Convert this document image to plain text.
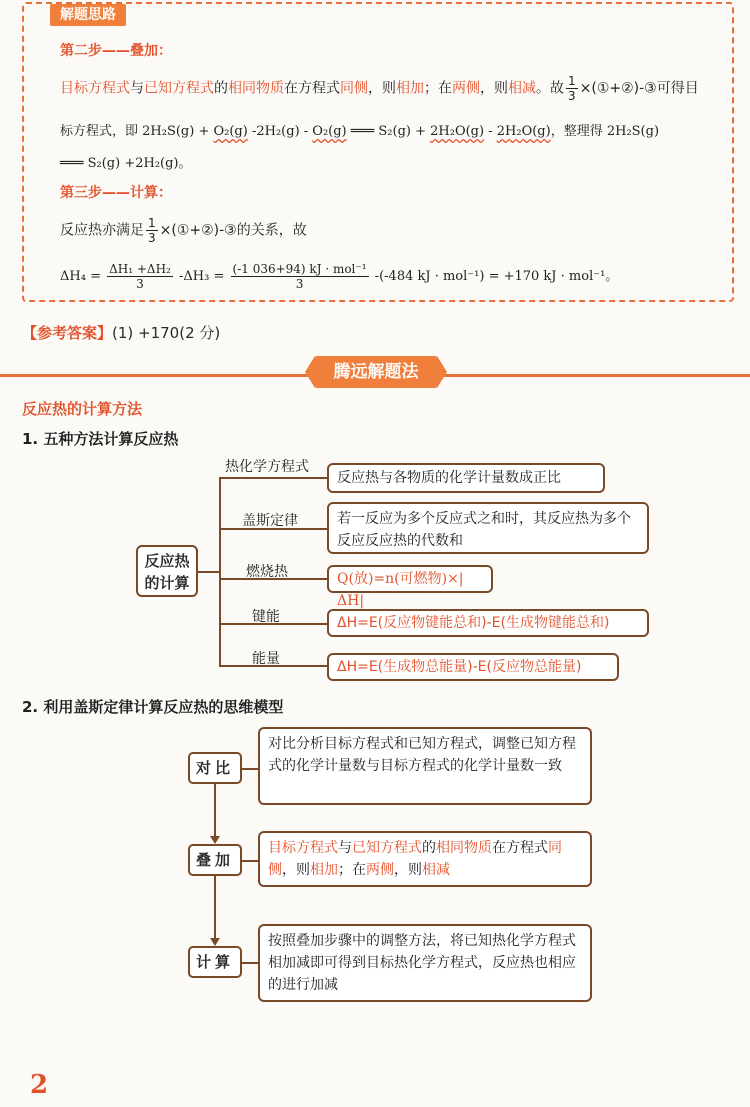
解题思路
第二步——叠加：
目标方程式与已知方程式的相同物质在方程式同侧，则相加；在两侧，则相减。故 $\frac{1}{3}$ ×(①+②)-③可得目
标方程式，即 2H₂S(g) + O₂(g) -2H₂(g) - O₂(g) ═══ S₂(g) + 2H₂O(g) - 2H₂O(g)，整理得 2H₂S(g)
═══ S₂(g) +2H₂(g)。
第三步——计算：
反应热亦满足 $\frac{1}{3}$ ×(①+②)-③的关系，故
$\Delta H_4 = \frac{\text{ΔH₁ +ΔH₂}}{3} -\Delta H_3 = \frac{\text{(-1 036+94) kJ · mol⁻¹}}{3} -(-484$ kJ · mol⁻¹) = +170 kJ · mol⁻¹。
【参考答案】(1) +170(2 分)
腾远解题法
反应热的计算方法
1. 五种方法计算反应热
反应热
的计算
热化学方程式
反应热与各物质的化学计量数成正比
盖斯定律	若一反应为多个反应式之和时，其反应热为多个反应反应热的代数和
燃烧热	Q(放)=n(可燃物)×|ΔH|
键能	ΔH=E(反应物键能总和)-E(生成物键能总和)
能量	ΔH=E(生成物总能量)-E(反应物总能量)
2. 利用盖斯定律计算反应热的思维模型
对比
对比分析目标方程式和已知方程式，调整已知方程式的化学计量数与目标方程式的化学计量数一致
叠加
目标方程式与已知方程式的相同物质在方程式同侧，则相加；在两侧，则相减
计算
按照叠加步骤中的调整方法，将已知热化学方程式相加减即可得到目标热化学方程式，反应热也相应的进行加减
2
